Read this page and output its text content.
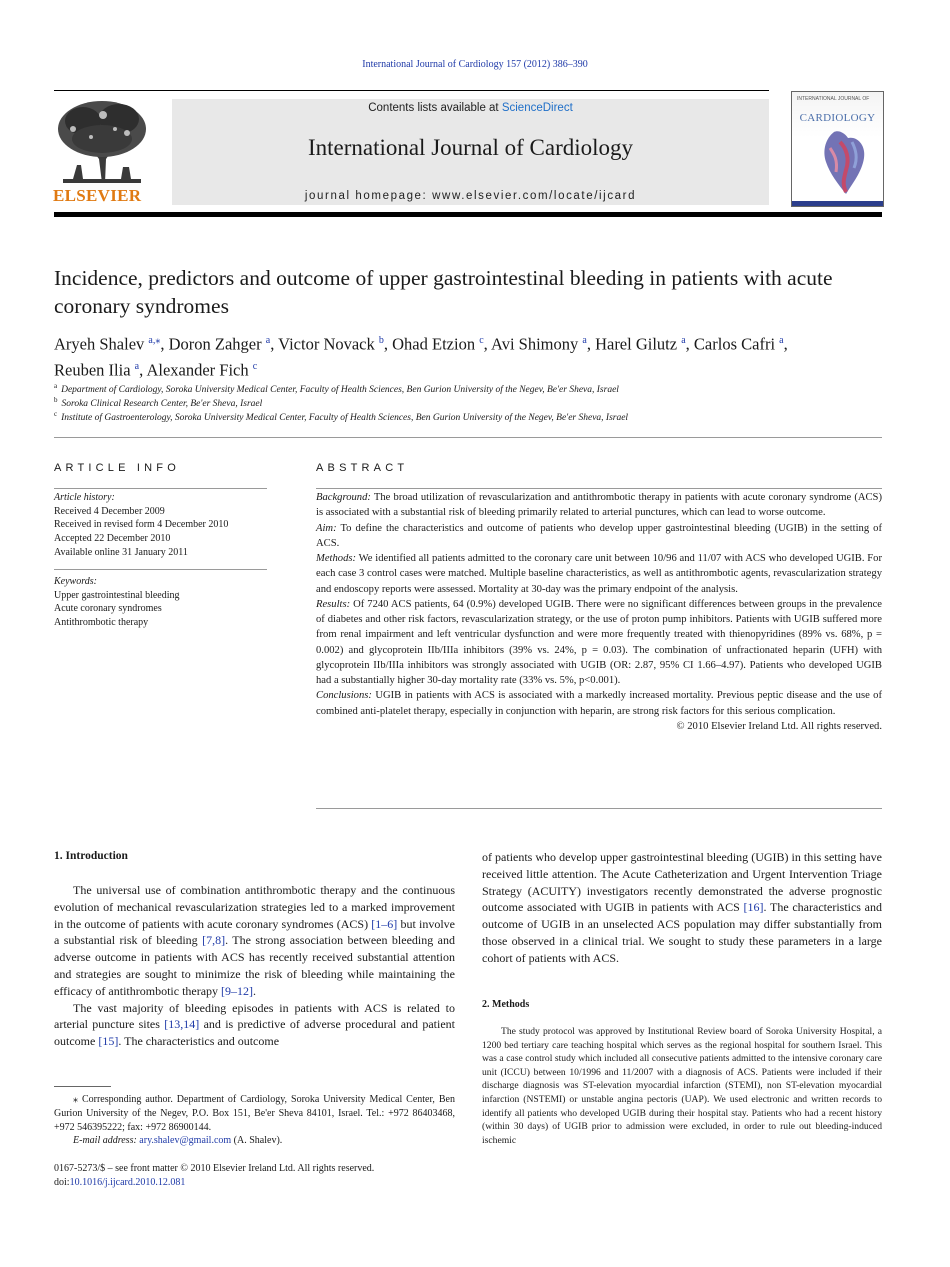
International Journal of Cardiology 157 (2012) 386–390
ELSEVIER
Contents lists available at ScienceDirect
International Journal of Cardiology
journal homepage: www.elsevier.com/locate/ijcard
INTERNATIONAL JOURNAL OF
CARDIOLOGY
Incidence, predictors and outcome of upper gastrointestinal bleeding in patients with acute coronary syndromes
Aryeh Shalev $^{a,⁎}$, Doron Zahger $^a$, Victor Novack $^b$, Ohad Etzion $^c$, Avi Shimony $^a$, Harel Gilutz $^a$, Carlos Cafri $^a$,
Reuben Ilia $^a$, Alexander Fich $^c$
$^a$ Department of Cardiology, Soroka University Medical Center, Faculty of Health Sciences, Ben Gurion University of the Negev, Be'er Sheva, Israel
$^b$ Soroka Clinical Research Center, Be'er Sheva, Israel
$^c$ Institute of Gastroenterology, Soroka University Medical Center, Faculty of Health Sciences, Ben Gurion University of the Negev, Be'er Sheva, Israel
ARTICLE INFO
Article history:
Received 4 December 2009
Received in revised form 4 December 2010
Accepted 22 December 2010
Available online 31 January 2011
Keywords:
Upper gastrointestinal bleeding
Acute coronary syndromes
Antithrombotic therapy
ABSTRACT

Background: The broad utilization of revascularization and antithrombotic therapy in patients with acute coronary syndrome (ACS) is associated with a substantial risk of bleeding primarily related to arterial punctures, which can lead to worse outcome.

Aim: To define the characteristics and outcome of patients who develop upper gastrointestinal bleeding (UGIB) in the setting of ACS.

Methods: We identified all patients admitted to the coronary care unit between 10/96 and 11/07 with ACS who developed UGIB. For each case 3 control cases were matched. Multiple baseline characteristics, as well as antithrombotic agents, revascularization strategy and endoscopy reports were assessed. Mortality at 30-day was the primary endpoint of the analysis.

Results: Of 7240 ACS patients, 64 (0.9%) developed UGIB. There were no significant differences between groups in the prevalence of diabetes and other risk factors, revascularization strategy, or the use of proton pump inhibitors. Patients with UGIB suffered more from renal impairment and left ventricular dysfunction and were more frequently treated with thienopyridines (89% vs. 68%, p = 0.002) and glycoprotein IIb/IIIa inhibitors (39% vs. 24%, p = 0.03). The combination of unfractionated heparin (UFH) with glycoprotein IIb/IIIa inhibitors was strongly associated with UGIB (OR: 2.87, 95% CI 1.66–4.97). Patients who developed UGIB had a substantially higher 30-day mortality rate (33% vs. 5%, p<0.001).

Conclusions: UGIB in patients with ACS is associated with a markedly increased mortality. Previous peptic disease and the use of combined anti-platelet therapy, especially in conjunction with heparin, are strong risk factors for this serious complication.

© 2010 Elsevier Ireland Ltd. All rights reserved.

1. Introduction

The universal use of combination antithrombotic therapy and the continuous evolution of mechanical revascularization strategies led to a marked improvement in the outcome of patients with acute coronary syndromes (ACS) [1–6] but involve a substantial risk of bleeding [7,8]. The strong association between bleeding and adverse outcome in patients with ACS has recently received substantial attention and strategies are sought to minimize the risk of bleeding while maintaining the efficacy of antithrombotic therapy [9–12].

The vast majority of bleeding episodes in patients with ACS is related to arterial puncture sites [13,14] and is predictive of adverse procedural and patient outcome [15]. The characteristics and outcome

⁎ Corresponding author. Department of Cardiology, Soroka University Medical Center, Ben Gurion University of the Negev, P.O. Box 151, Be'er Sheva 84101, Israel. Tel.: +972 86403468, +972 546395222; fax: +972 86900144.

E-mail address: ary.shalev@gmail.com (A. Shalev).

0167-5273/$ – see front matter © 2010 Elsevier Ireland Ltd. All rights reserved.
doi:10.1016/j.ijcard.2010.12.081

of patients who develop upper gastrointestinal bleeding (UGIB) in this setting have received little attention. The Acute Catheterization and Urgent Intervention Triage Strategy (ACUITY) investigators recently demonstrated the adverse prognostic outcome associated with UGIB in patients with ACS [16]. The characteristics and outcome of UGIB in an unselected ACS population may differ substantially from those observed in a clinical trial. We sought to study these parameters in a large cohort of patients with ACS.

2. Methods

The study protocol was approved by Institutional Review board of Soroka University Hospital, a 1200 bed tertiary care teaching hospital which serves as the regional hospital for southern Israel. This was a case control study which included all consecutive patients admitted to the intensive coronary care unit (ICCU) between 10/1996 and 11/2007 with a diagnosis of ACS. Patients were included if their discharge diagnosis was ST-elevation myocardial infarction (STEMI), non ST-elevation myocardial infarction (NSTEMI) or unstable angina pectoris (UAP). We used electronic and written records to identify all patients who developed UGIB during their hospital stay. Patients who had a recent history (within 30 days) of UGIB prior to admission were excluded, in order to rule out bleeding-induced ischemic
